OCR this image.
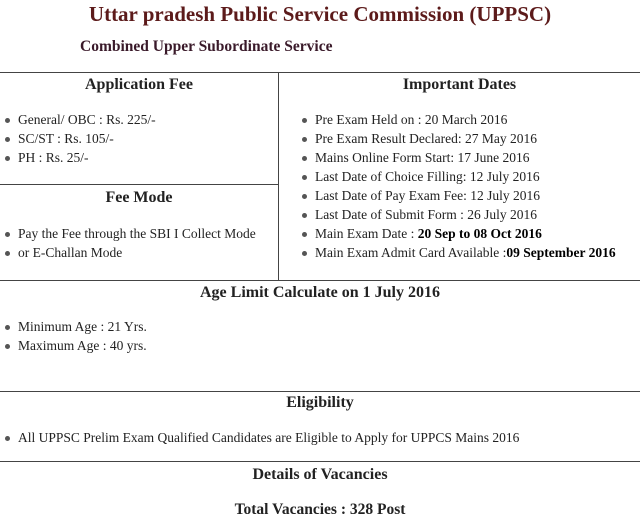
Uttar pradesh Public Service Commission (UPPSC)
Combined Upper Subordinate Service
Application Fee
General/ OBC : Rs. 225/-
SC/ST : Rs. 105/-
PH : Rs. 25/-
Fee Mode
Pay the Fee through the SBI I Collect Mode
or E-Challan Mode
Important Dates
Pre Exam Held on : 20 March 2016
Pre Exam Result Declared: 27 May 2016
Mains Online Form Start: 17 June 2016
Last Date of Choice Filling: 12 July 2016
Last Date of Pay Exam Fee: 12 July 2016
Last Date of Submit Form : 26 July 2016
Main Exam Date : 20 Sep to 08 Oct 2016
Main Exam Admit Card Available :09 September 2016
Age Limit Calculate on 1 July 2016
Minimum Age : 21 Yrs.
Maximum Age : 40 yrs.
Eligibility
All UPPSC Prelim Exam Qualified Candidates are Eligible to Apply for UPPCS Mains 2016
Details of Vacancies
Total Vacancies : 328 Post
